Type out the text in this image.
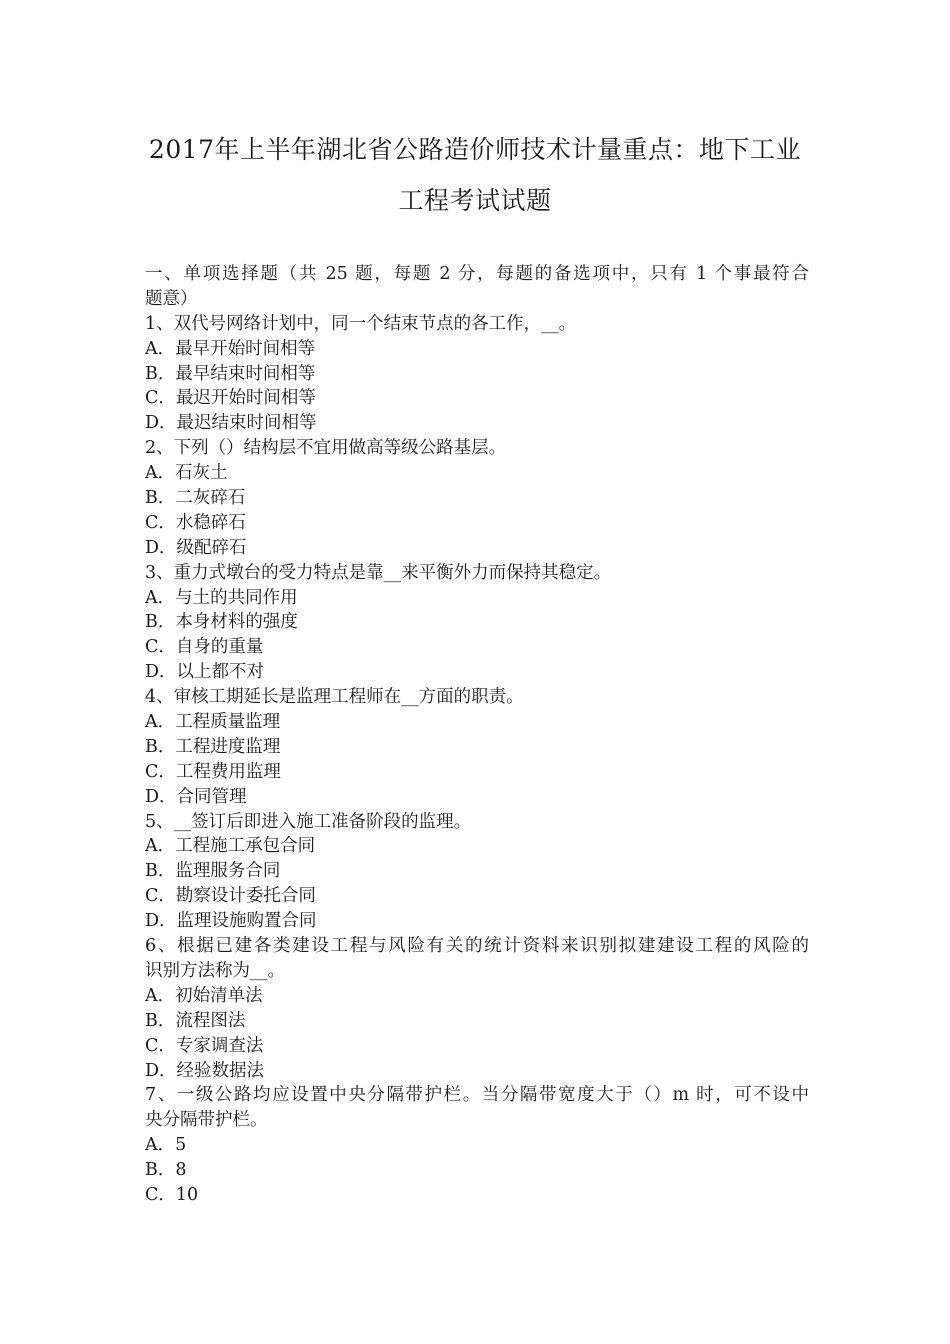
2017年上半年湖北省公路造价师技术计量重点：地下工业
工程考试试题
一、单项选择题（共 25 题，每题 2 分，每题的备选项中，只有 1 个事最符合
题意）
1、双代号网络计划中，同一个结束节点的各工作，__。
A．最早开始时间相等
B．最早结束时间相等
C．最迟开始时间相等
D．最迟结束时间相等
2、下列（）结构层不宜用做高等级公路基层。
A．石灰土
B．二灰碎石
C．水稳碎石
D．级配碎石
3、重力式墩台的受力特点是靠__来平衡外力而保持其稳定。
A．与土的共同作用
B．本身材料的强度
C．自身的重量
D．以上都不对
4、审核工期延长是监理工程师在__方面的职责。
A．工程质量监理
B．工程进度监理
C．工程费用监理
D．合同管理
5、__签订后即进入施工准备阶段的监理。
A．工程施工承包合同
B．监理服务合同
C．勘察设计委托合同
D．监理设施购置合同
6、根据已建各类建设工程与风险有关的统计资料来识别拟建建设工程的风险的
识别方法称为__。
A．初始清单法
B．流程图法
C．专家调查法
D．经验数据法
7、一级公路均应设置中央分隔带护栏。当分隔带宽度大于（）m 时，可不设中
央分隔带护栏。
A．5
B．8
C．10
